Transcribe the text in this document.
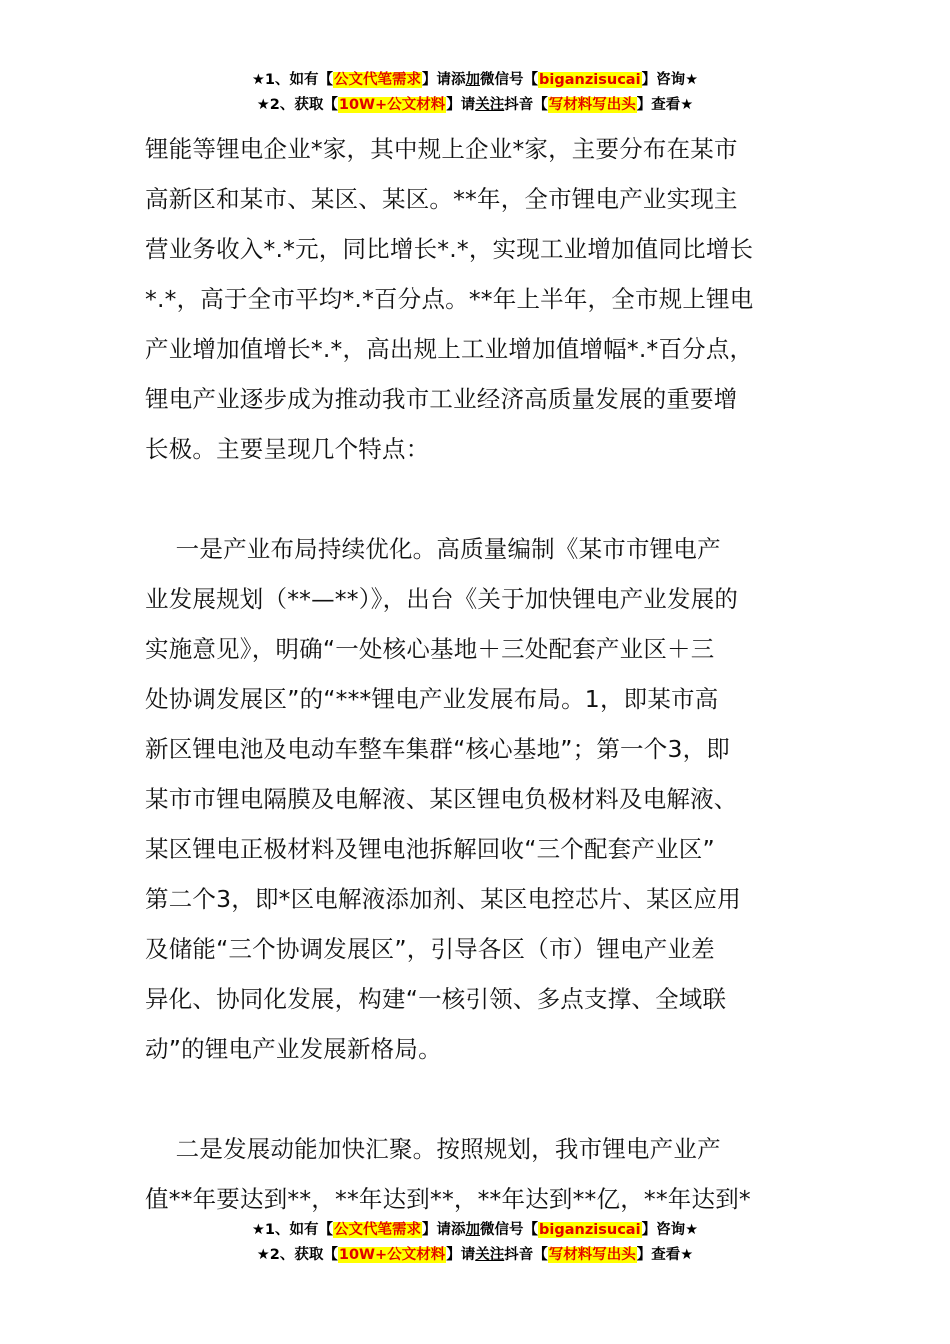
★1、如有【公文代笔需求】请添加微信号【biganzisucai】咨询★
★2、获取【10W+公文材料】请关注抖音【写材料写出头】查看★

锂能等锂电企业*家，其中规上企业*家，主要分布在某市

高新区和某市、某区、某区。**年，全市锂电产业实现主

营业务收入*.*元，同比增长*.*，实现工业增加值同比增长

*.*，高于全市平均*.*百分点。**年上半年，全市规上锂电

产业增加值增长*.*，高出规上工业增加值增幅*.*百分点，

锂电产业逐步成为推动我市工业经济高质量发展的重要增

长极。主要呈现几个特点：

一是产业布局持续优化。高质量编制《某市市锂电产

业发展规划（**—**）》，出台《关于加快锂电产业发展的

实施意见》，明确“一处核心基地＋三处配套产业区＋三

处协调发展区”的“***锂电产业发展布局。1，即某市高

新区锂电池及电动车整车集群“核心基地”；第一个3，即

某市市锂电隔膜及电解液、某区锂电负极材料及电解液、

某区锂电正极材料及锂电池拆解回收“三个配套产业区”

第二个3，即*区电解液添加剂、某区电控芯片、某区应用

及储能“三个协调发展区”，引导各区（市）锂电产业差

异化、协同化发展，构建“一核引领、多点支撑、全域联

动”的锂电产业发展新格局。

二是发展动能加快汇聚。按照规划，我市锂电产业产

值**年要达到**，**年达到**，**年达到**亿，**年达到*

★1、如有【公文代笔需求】请添加微信号【biganzisucai】咨询★
★2、获取【10W+公文材料】请关注抖音【写材料写出头】查看★
